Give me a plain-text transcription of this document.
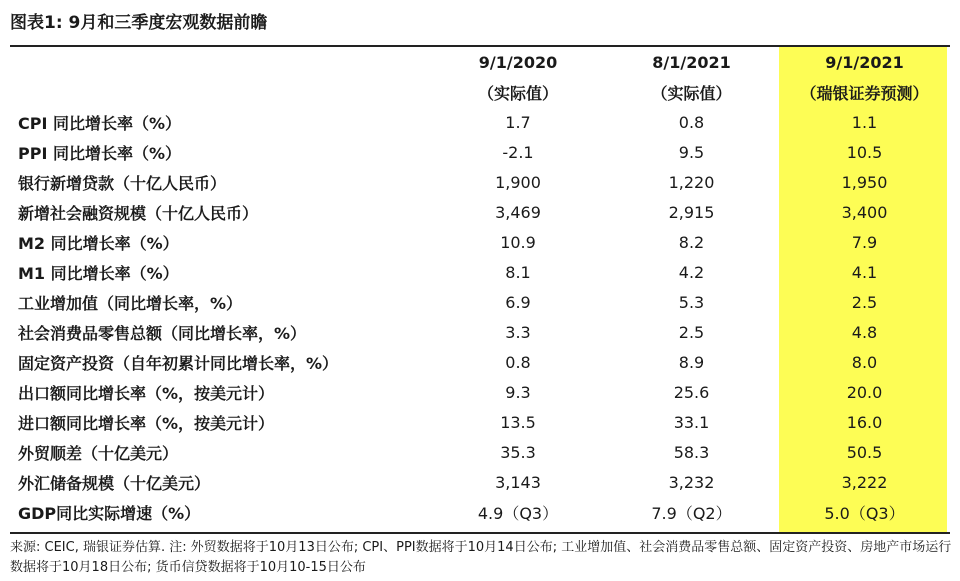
图表1: 9月和三季度宏观数据前瞻
	9/1/2020	8/1/2021	9/1/2021
	（实际值）	（实际值）	（瑞银证券预测）
CPI 同比增长率（%）	1.7	0.8	1.1
PPI 同比增长率（%）	-2.1	9.5	10.5
银行新增贷款（十亿人民币）	1,900	1,220	1,950
新增社会融资规模（十亿人民币）	3,469	2,915	3,400
M2 同比增长率（%）	10.9	8.2	7.9
M1 同比增长率（%）	8.1	4.2	4.1
工业增加值（同比增长率，%）	6.9	5.3	2.5
社会消费品零售总额（同比增长率，%）	3.3	2.5	4.8
固定资产投资（自年初累计同比增长率，%）	0.8	8.9	8.0
出口额同比增长率（%，按美元计）	9.3	25.6	20.0
进口额同比增长率（%，按美元计）	13.5	33.1	16.0
外贸顺差（十亿美元）	35.3	58.3	50.5
外汇储备规模（十亿美元）	3,143	3,232	3,222
GDP同比实际增速（%）	4.9（Q3）	7.9（Q2）	5.0（Q3）
来源: CEIC, 瑞银证券估算. 注: 外贸数据将于10月13日公布; CPI、PPI数据将于10月14日公布; 工业增加值、社会消费品零售总额、固定资产投资、房地产市场运行数据将于10月18日公布; 货币信贷数据将于10月10-15日公布
